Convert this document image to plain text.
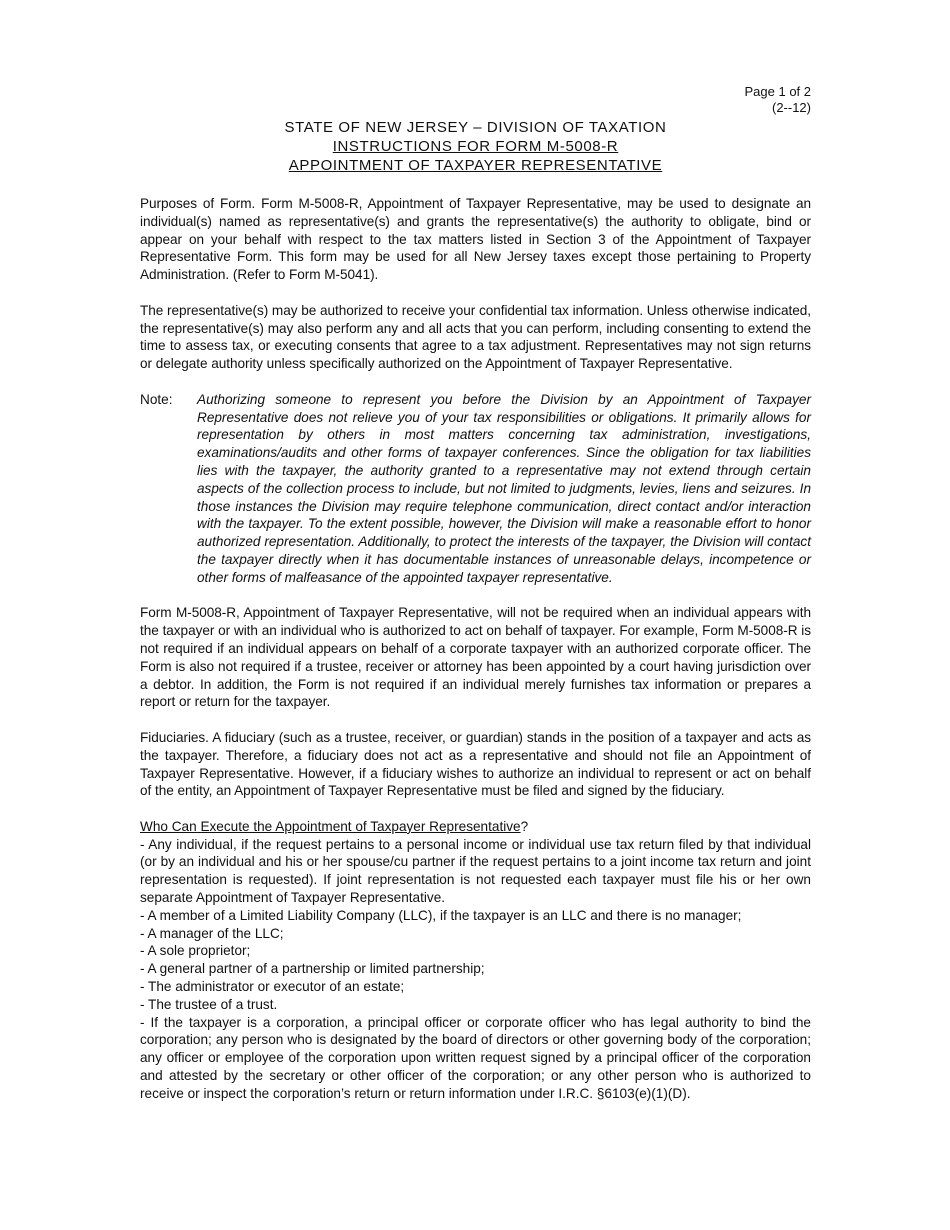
Page 1 of 2
(2--12)
STATE OF NEW JERSEY – DIVISION OF TAXATION
INSTRUCTIONS FOR FORM M-5008-R
APPOINTMENT OF TAXPAYER REPRESENTATIVE

Purposes of Form. Form M-5008-R, Appointment of Taxpayer Representative, may be used to designate an individual(s) named as representative(s) and grants the representative(s) the authority to obligate, bind or appear on your behalf with respect to the tax matters listed in Section 3 of the Appointment of Taxpayer Representative Form. This form may be used for all New Jersey taxes except those pertaining to Property Administration. (Refer to Form M-5041).

The representative(s) may be authorized to receive your confidential tax information. Unless otherwise indicated, the representative(s) may also perform any and all acts that you can perform, including consenting to extend the time to assess tax, or executing consents that agree to a tax adjustment. Representatives may not sign returns or delegate authority unless specifically authorized on the Appointment of Taxpayer Representative.

Note:	Authorizing someone to represent you before the Division by an Appointment of Taxpayer Representative does not relieve you of your tax responsibilities or obligations. It primarily allows for representation by others in most matters concerning tax administration, investigations, examinations/audits and other forms of taxpayer conferences. Since the obligation for tax liabilities lies with the taxpayer, the authority granted to a representative may not extend through certain aspects of the collection process to include, but not limited to judgments, levies, liens and seizures. In those instances the Division may require telephone communication, direct contact and/or interaction with the taxpayer. To the extent possible, however, the Division will make a reasonable effort to honor authorized representation. Additionally, to protect the interests of the taxpayer, the Division will contact the taxpayer directly when it has documentable instances of unreasonable delays, incompetence or other forms of malfeasance of the appointed taxpayer representative.

Form M-5008-R, Appointment of Taxpayer Representative, will not be required when an individual appears with the taxpayer or with an individual who is authorized to act on behalf of taxpayer. For example, Form M-5008-R is not required if an individual appears on behalf of a corporate taxpayer with an authorized corporate officer. The Form is also not required if a trustee, receiver or attorney has been appointed by a court having jurisdiction over a debtor. In addition, the Form is not required if an individual merely furnishes tax information or prepares a report or return for the taxpayer.

Fiduciaries. A fiduciary (such as a trustee, receiver, or guardian) stands in the position of a taxpayer and acts as the taxpayer. Therefore, a fiduciary does not act as a representative and should not file an Appointment of Taxpayer Representative. However, if a fiduciary wishes to authorize an individual to represent or act on behalf of the entity, an Appointment of Taxpayer Representative must be filed and signed by the fiduciary.

Who Can Execute the Appointment of Taxpayer Representative?
- Any individual, if the request pertains to a personal income or individual use tax return filed by that individual (or by an individual and his or her spouse/cu partner if the request pertains to a joint income tax return and joint representation is requested). If joint representation is not requested each taxpayer must file his or her own separate Appointment of Taxpayer Representative.
- A member of a Limited Liability Company (LLC), if the taxpayer is an LLC and there is no manager;
- A manager of the LLC;
- A sole proprietor;
- A general partner of a partnership or limited partnership;
- The administrator or executor of an estate;
- The trustee of a trust.
- If the taxpayer is a corporation, a principal officer or corporate officer who has legal authority to bind the corporation; any person who is designated by the board of directors or other governing body of the corporation; any officer or employee of the corporation upon written request signed by a principal officer of the corporation and attested by the secretary or other officer of the corporation; or any other person who is authorized to receive or inspect the corporation’s return or return information under I.R.C. §6103(e)(1)(D).
